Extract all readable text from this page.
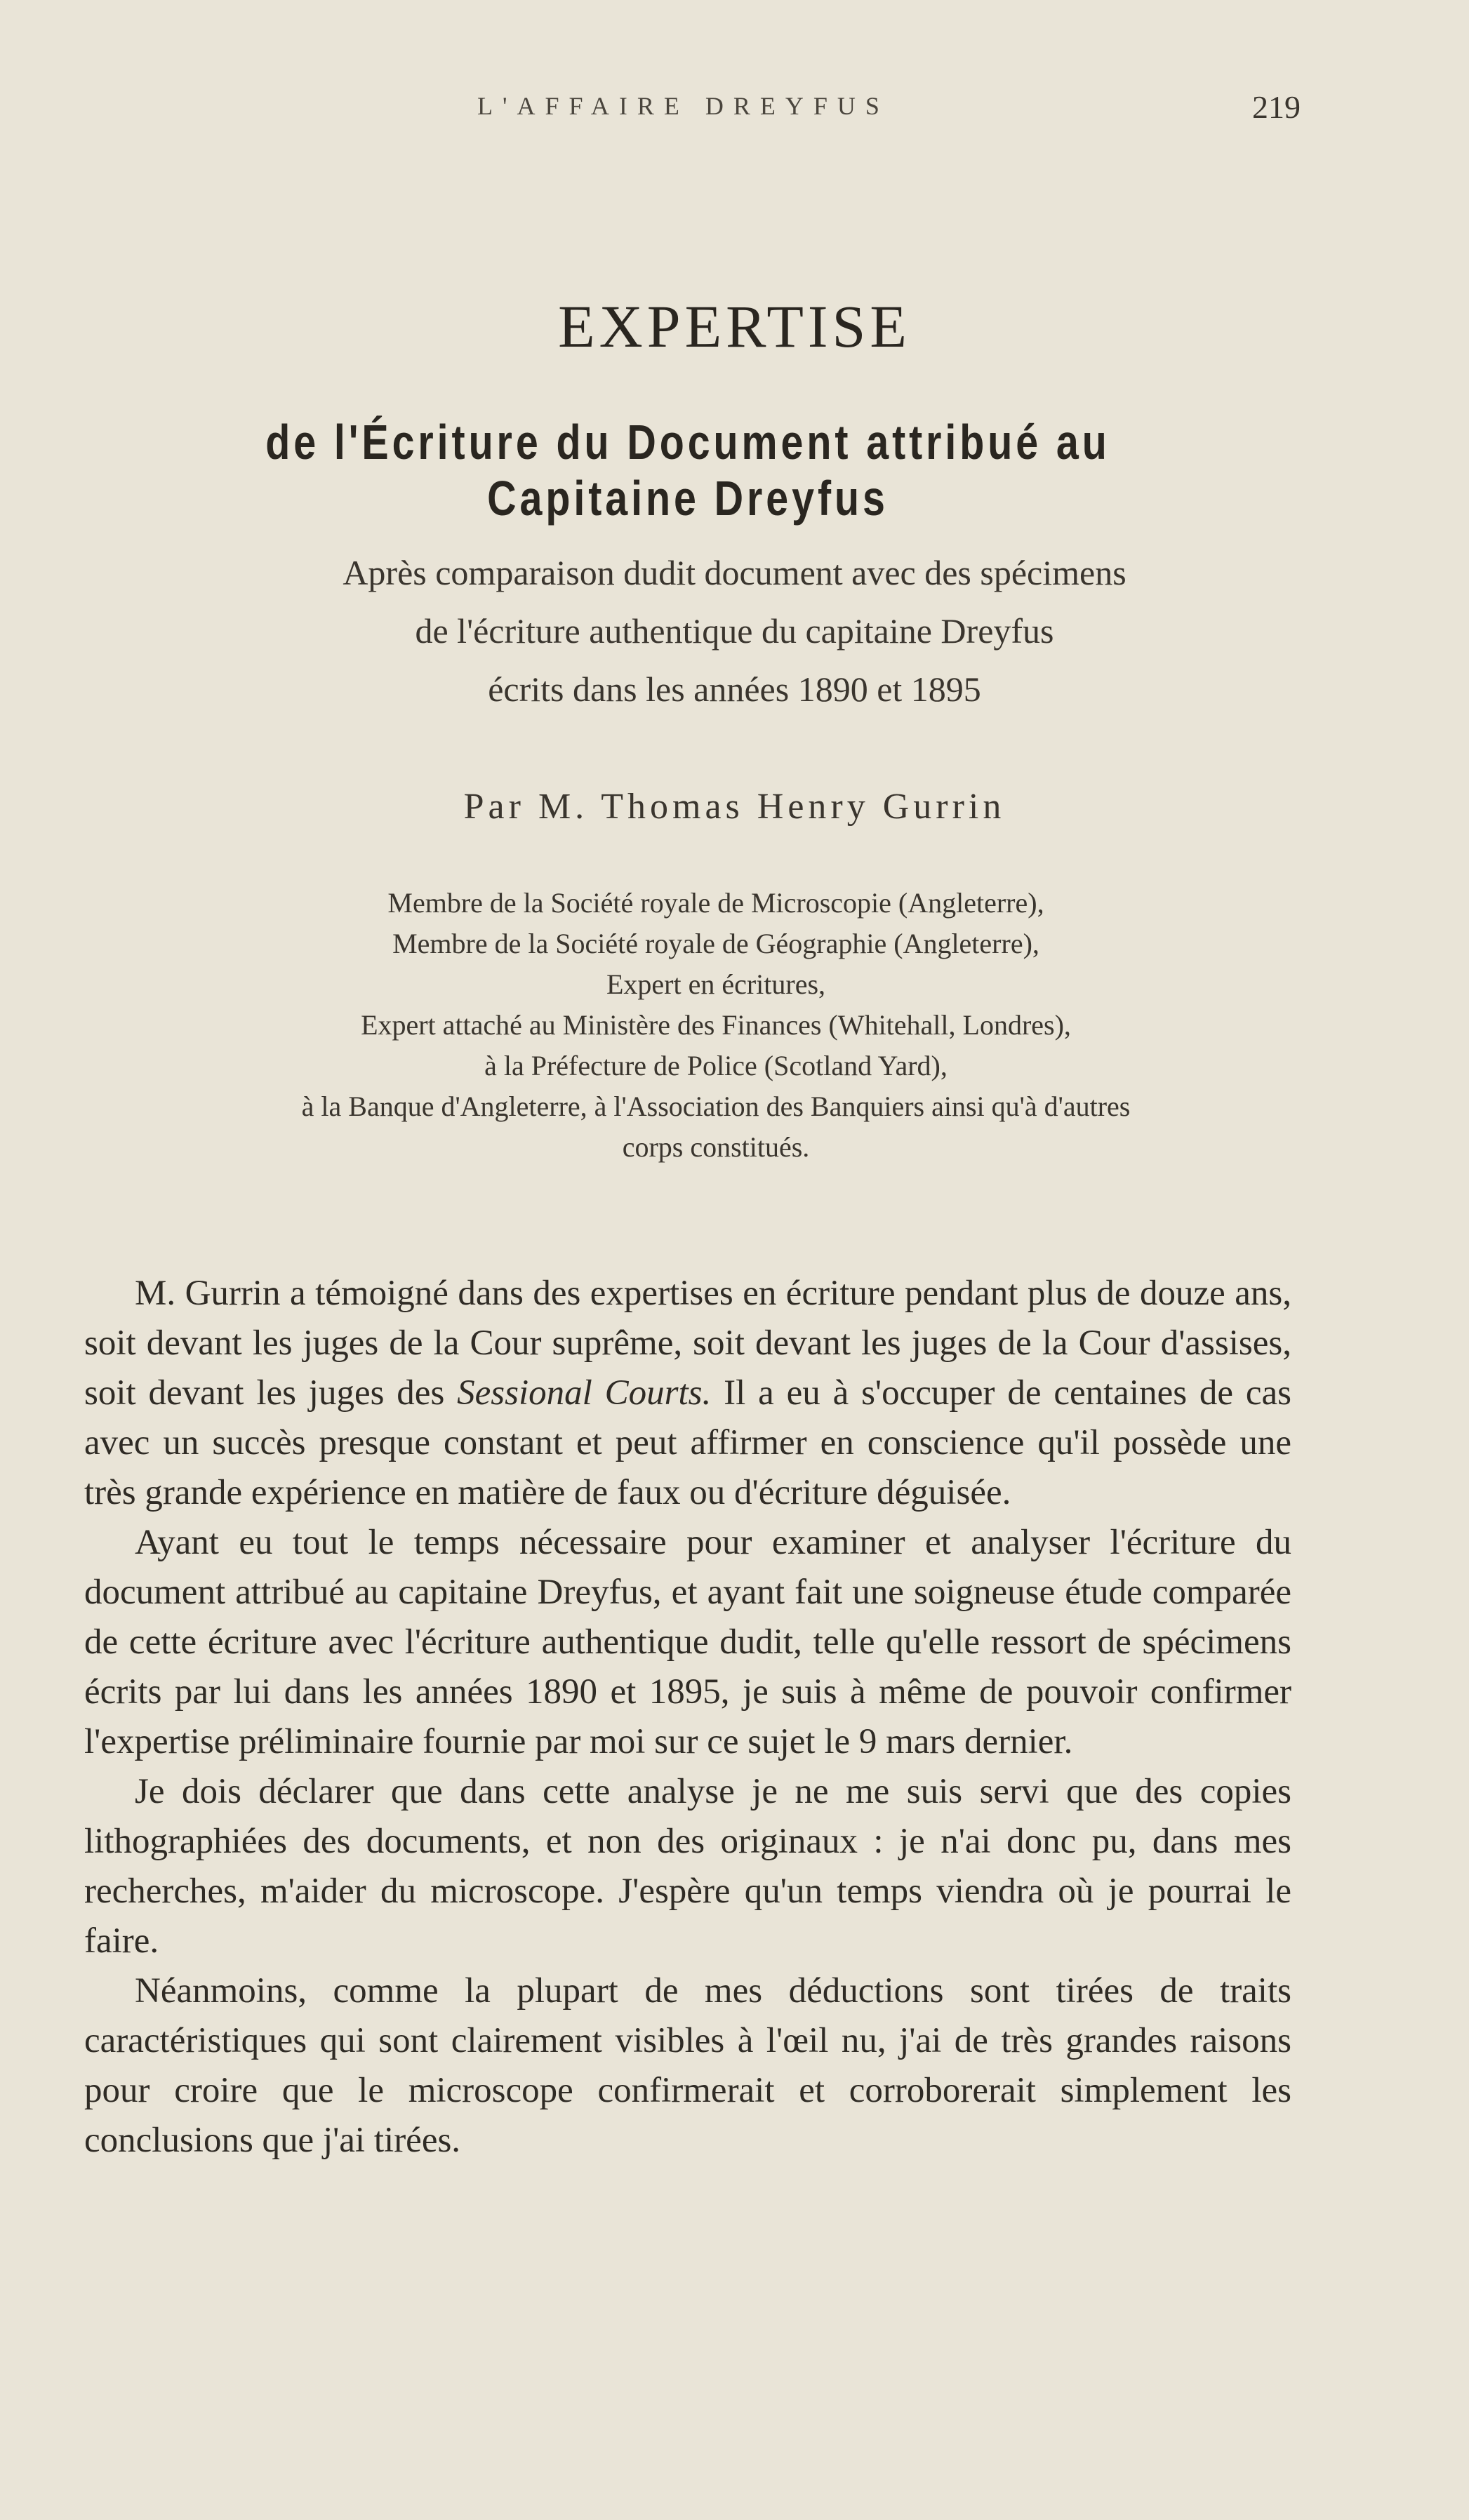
L'AFFAIRE DREYFUS	219
EXPERTISE
de l'Écriture du Document attribué au Capitaine Dreyfus
Après comparaison dudit document avec des spécimens
de l'écriture authentique du capitaine Dreyfus
écrits dans les années 1890 et 1895
Par M. Thomas Henry Gurrin
Membre de la Société royale de Microscopie (Angleterre),
Membre de la Société royale de Géographie (Angleterre),
Expert en écritures,
Expert attaché au Ministère des Finances (Whitehall, Londres),
à la Préfecture de Police (Scotland Yard),
à la Banque d'Angleterre, à l'Association des Banquiers ainsi qu'à d'autres
corps constitués.

M. Gurrin a témoigné dans des expertises en écriture pendant plus de douze ans, soit devant les juges de la Cour suprême, soit devant les juges de la Cour d'assises, soit devant les juges des Sessional Courts. Il a eu à s'occuper de centaines de cas avec un succès presque constant et peut affirmer en conscience qu'il possède une très grande expérience en matière de faux ou d'écriture déguisée.

Ayant eu tout le temps nécessaire pour examiner et analyser l'écriture du document attribué au capitaine Dreyfus, et ayant fait une soigneuse étude comparée de cette écriture avec l'écriture authentique dudit, telle qu'elle ressort de spécimens écrits par lui dans les années 1890 et 1895, je suis à même de pouvoir confirmer l'expertise préliminaire fournie par moi sur ce sujet le 9 mars dernier.

Je dois déclarer que dans cette analyse je ne me suis servi que des copies lithographiées des documents, et non des originaux : je n'ai donc pu, dans mes recherches, m'aider du microscope. J'espère qu'un temps viendra où je pourrai le faire.

Néanmoins, comme la plupart de mes déductions sont tirées de traits caractéristiques qui sont clairement visibles à l'œil nu, j'ai de très grandes raisons pour croire que le microscope confirmerait et corroborerait simplement les conclusions que j'ai tirées.
